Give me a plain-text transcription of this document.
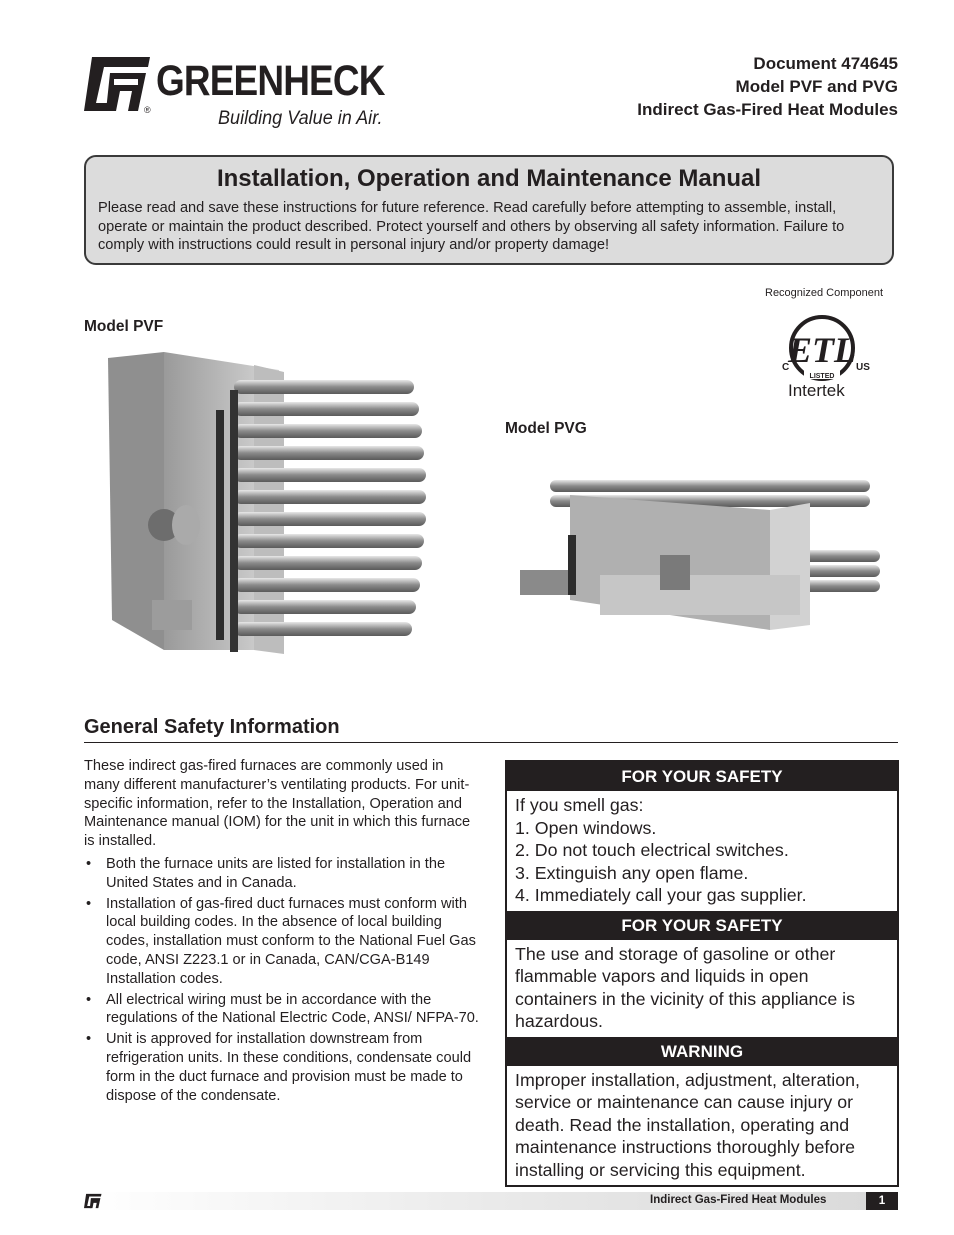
GREENHECK
®	Building Value in Air.
Document 474645
Model PVF and PVG
Indirect Gas-Fired Heat Modules
Installation, Operation and Maintenance Manual

Please read and save these instructions for future reference. Read carefully before attempting to assemble, install, operate or maintain the product described. Protect yourself and others by observing all safety information. Failure to comply with instructions could result in personal injury and/or property damage!

Recognized Component
ETL
LISTED
C	US
Intertek
Model PVF
Model PVG
General Safety Information

These indirect gas-fired furnaces are commonly used in many different manufacturer’s ventilating products. For unit-specific information, refer to the Installation, Operation and Maintenance manual (IOM) for the unit in which this furnace is installed.

• Both the furnace units are listed for installation in the United States and in Canada.
• Installation of gas-fired duct furnaces must conform with local building codes. In the absence of local building codes, installation must conform to the National Fuel Gas code, ANSI Z223.1 or in Canada, CAN/CGA-B149 Installation codes.
• All electrical wiring must be in accordance with the regulations of the National Electric Code, ANSI/ NFPA-70.
• Unit is approved for installation downstream from refrigeration units. In these conditions, condensate could form in the duct furnace and provision must be made to dispose of the condensate.
FOR YOUR SAFETY
If you smell gas:
1. Open windows.
2. Do not touch electrical switches.
3. Extinguish any open flame.
4. Immediately call your gas supplier.
FOR YOUR SAFETY
The use and storage of gasoline or other flammable vapors and liquids in open containers in the vicinity of this appliance is hazardous.
WARNING
Improper installation, adjustment, alteration, service or maintenance can cause injury or death. Read the installation, operating and maintenance instructions thoroughly before installing or servicing this equipment.
Indirect Gas-Fired Heat Modules	1
